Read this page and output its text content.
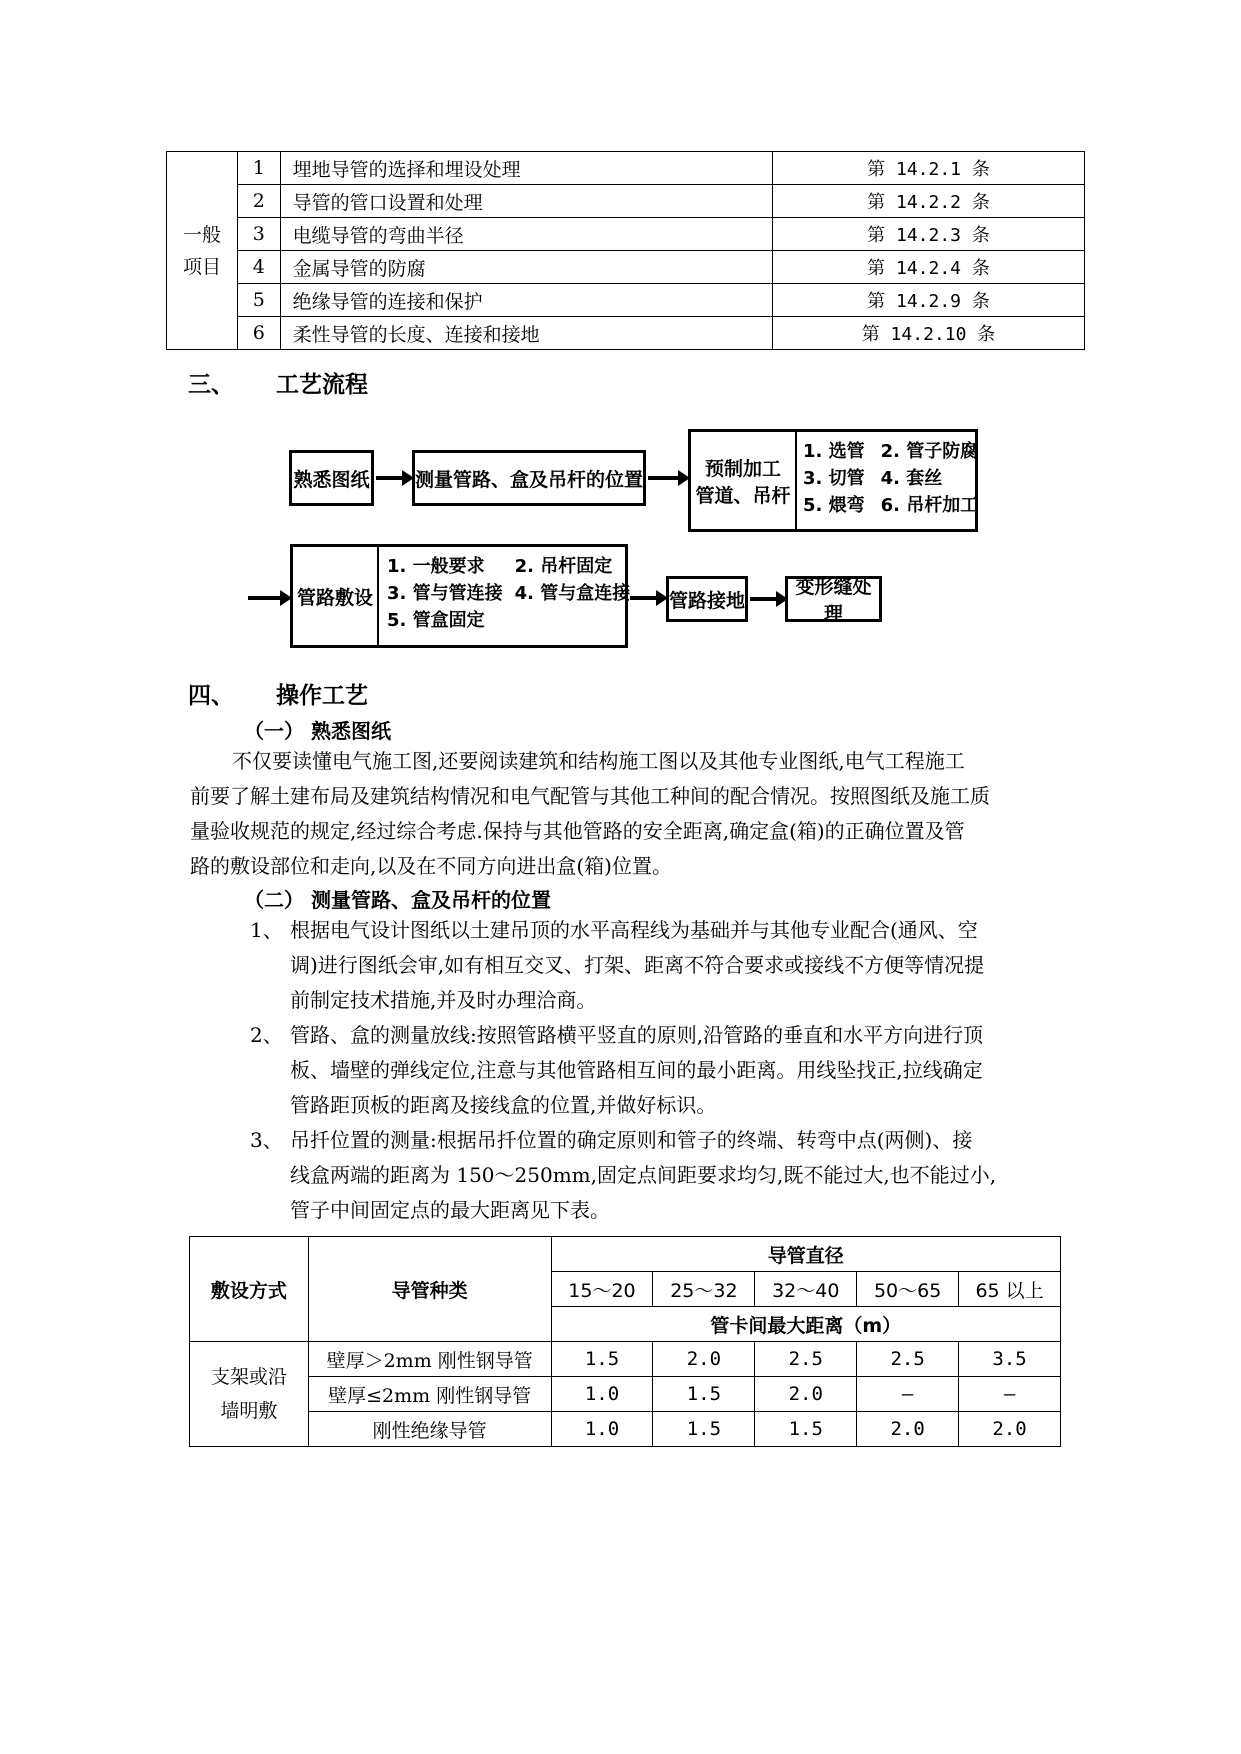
一般
项目	1	埋地导管的选择和埋设处理	第 14.2.1 条
	2	导管的管口设置和处理	第 14.2.2 条
	3	电缆导管的弯曲半径	第 14.2.3 条
	4	金属导管的防腐	第 14.2.4 条
	5	绝缘导管的连接和保护	第 14.2.9 条
	6	柔性导管的长度、连接和接地	第 14.2.10 条
三、 工艺流程
熟悉图纸 测量管路、盒及吊杆的位置	预制加工
管道、吊杆
1. 选管 2. 管子防腐
3. 切管 4. 套丝
5. 煨弯 6. 吊杆加工
管路敷设
1. 一般要求 2. 吊杆固定
3. 管与管连接 4. 管与盒连接
5. 管盒固定
管路接地
变形缝处理
四、 操作工艺
（一） 熟悉图纸
不仅要读懂电气施工图,还要阅读建筑和结构施工图以及其他专业图纸,电气工程施工
前要了解土建布局及建筑结构情况和电气配管与其他工种间的配合情况。按照图纸及施工质
量验收规范的规定,经过综合考虑.保持与其他管路的安全距离,确定盒(箱)的正确位置及管
路的敷设部位和走向,以及在不同方向进出盒(箱)位置。
（二） 测量管路、盒及吊杆的位置
1、 根据电气设计图纸以土建吊顶的水平高程线为基础并与其他专业配合(通风、空
调)进行图纸会审,如有相互交叉、打架、距离不符合要求或接线不方便等情况提
前制定技术措施,并及时办理洽商。
2、 管路、盒的测量放线:按照管路横平竖直的原则,沿管路的垂直和水平方向进行顶
板、墙壁的弹线定位,注意与其他管路相互间的最小距离。用线坠找正,拉线确定
管路距顶板的距离及接线盒的位置,并做好标识。
3、 吊扦位置的测量:根据吊扦位置的确定原则和管子的终端、转弯中点(两侧)、接
线盒两端的距离为 150～250mm,固定点间距要求均匀,既不能过大,也不能过小,
管子中间固定点的最大距离见下表。
敷设方式	导管种类	导管直径				
		15～20	25～32	32～40	50～65	65 以上
		管卡间最大距离（m）				

支架或沿
墙明敷	壁厚＞2mm 刚性钢导管	1.5	2.0	2.5	2.5	3.5
	壁厚≤2mm 刚性钢导管	1.0	1.5	2.0	—	—
	刚性绝缘导管	1.0	1.5	1.5	2.0	2.0
